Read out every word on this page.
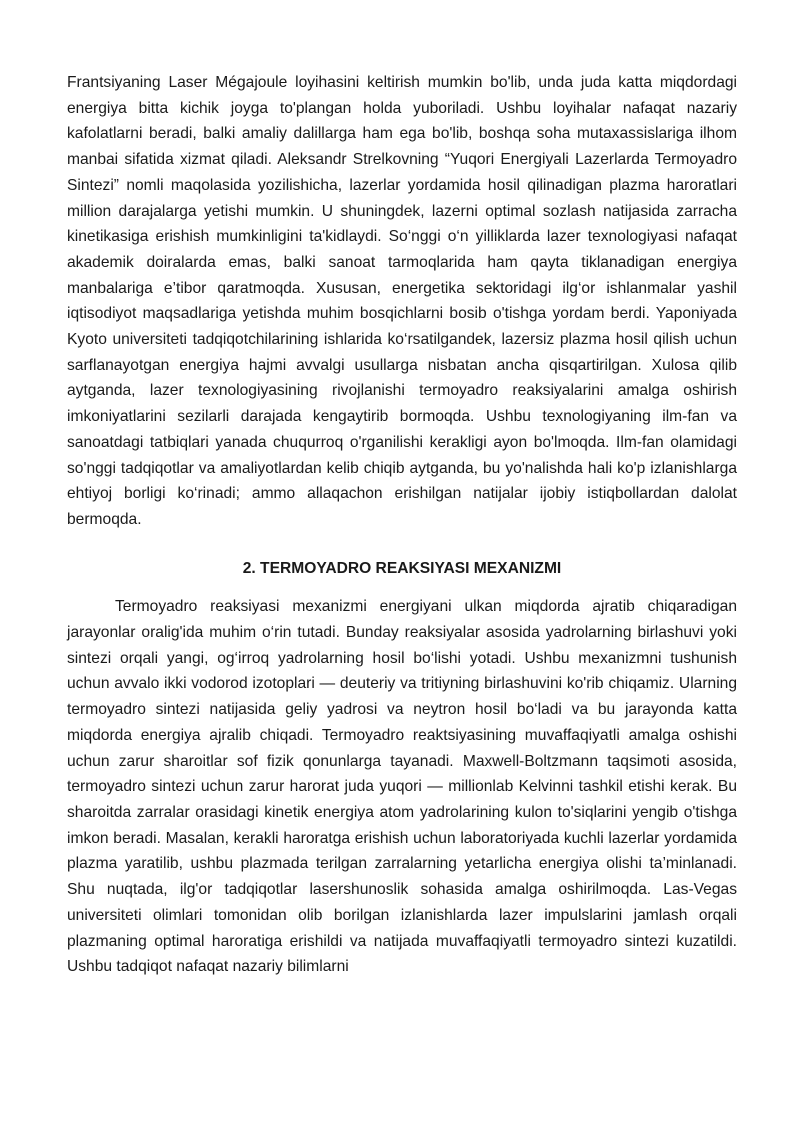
Frantsiyaning Laser Mégajoule loyihasini keltirish mumkin bo'lib, unda juda katta miqdordagi energiya bitta kichik joyga to'plangan holda yuboriladi. Ushbu loyihalar nafaqat nazariy kafolatlarni beradi, balki amaliy dalillarga ham ega bo'lib, boshqa soha mutaxassislariga ilhom manbai sifatida xizmat qiladi. Aleksandr Strelkovning “Yuqori Energiyali Lazerlarda Termoyadro Sintezi” nomli maqolasida yozilishicha, lazerlar yordamida hosil qilinadigan plazma haroratlari million darajalarga yetishi mumkin. U shuningdek, lazerni optimal sozlash natijasida zarracha kinetikasiga erishish mumkinligini ta'kidlaydi. So‘nggi o‘n yilliklarda lazer texnologiyasi nafaqat akademik doiralarda emas, balki sanoat tarmoqlarida ham qayta tiklanadigan energiya manbalariga e’tibor qaratmoqda. Xususan, energetika sektoridagi ilg‘or ishlanmalar yashil iqtisodiyot maqsadlariga yetishda muhim bosqichlarni bosib o'tishga yordam berdi. Yaponiyada Kyoto universiteti tadqiqotchilarining ishlarida ko‘rsatilgandek, lazersiz plazma hosil qilish uchun sarflanayotgan energiya hajmi avvalgi usullarga nisbatan ancha qisqartirilgan. Xulosa qilib aytganda, lazer texnologiyasining rivojlanishi termoyadro reaksiyalarini amalga oshirish imkoniyatlarini sezilarli darajada kengaytirib bormoqda. Ushbu texnologiyaning ilm-fan va sanoatdagi tatbiqlari yanada chuqurroq o'rganilishi kerakligi ayon bo'lmoqda. Ilm-fan olamidagi so'nggi tadqiqotlar va amaliyotlardan kelib chiqib aytganda, bu yo'nalishda hali ko'p izlanishlarga ehtiyoj borligi ko‘rinadi; ammo allaqachon erishilgan natijalar ijobiy istiqbollardan dalolat bermoqda.

2. TERMOYADRO REAKSIYASI MEXANIZMI

Termoyadro reaksiyasi mexanizmi energiyani ulkan miqdorda ajratib chiqaradigan jarayonlar oralig'ida muhim o‘rin tutadi. Bunday reaksiyalar asosida yadrolarning birlashuvi yoki sintezi orqali yangi, og‘irroq yadrolarning hosil bo‘lishi yotadi. Ushbu mexanizmni tushunish uchun avvalo ikki vodorod izotoplari — deuteriy va tritiyning birlashuvini ko'rib chiqamiz. Ularning termoyadro sintezi natijasida geliy yadrosi va neytron hosil bo‘ladi va bu jarayonda katta miqdorda energiya ajralib chiqadi. Termoyadro reaktsiyasining muvaffaqiyatli amalga oshishi uchun zarur sharoitlar sof fizik qonunlarga tayanadi. Maxwell-Boltzmann taqsimoti asosida, termoyadro sintezi uchun zarur harorat juda yuqori — millionlab Kelvinni tashkil etishi kerak. Bu sharoitda zarralar orasidagi kinetik energiya atom yadrolarining kulon to'siqlarini yengib o'tishga imkon beradi. Masalan, kerakli haroratga erishish uchun laboratoriyada kuchli lazerlar yordamida plazma yaratilib, ushbu plazmada terilgan zarralarning yetarlicha energiya olishi ta’minlanadi. Shu nuqtada, ilg'or tadqiqotlar lasershunoslik sohasida amalga oshirilmoqda. Las-Vegas universiteti olimlari tomonidan olib borilgan izlanishlarda lazer impulslarini jamlash orqali plazmaning optimal haroratiga erishildi va natijada muvaffaqiyatli termoyadro sintezi kuzatildi. Ushbu tadqiqot nafaqat nazariy bilimlarni
